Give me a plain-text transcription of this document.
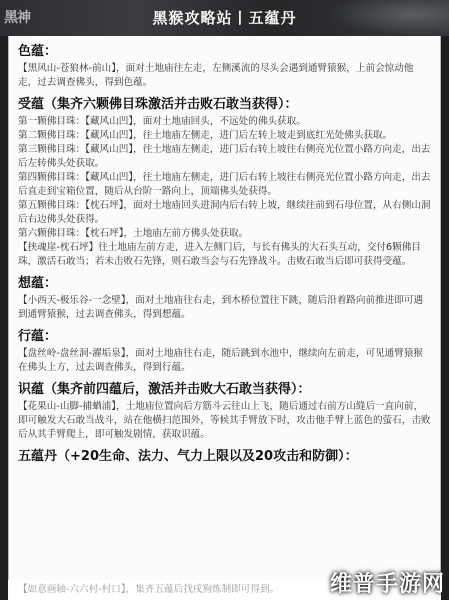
黑神	黑猴攻略站丨五蕴丹
色蕴：
【黑风山-苍狼林-前山】，面对土地庙往左走，左侧溪流的尽头会遇到通臂猿猴，上前会惊动他走，过去调查佛头，得到色蕴。
受蕴（集齐六颗佛目珠激活并击败石敢当获得）：
第一颗佛目珠：【藏风山凹】，面对土地庙回头，不远处的佛头获取。
第二颗佛目珠：【藏风山凹】，往土地庙左侧走，进门后左转上坡走到底红光处佛头获取。
第三颗佛目珠：【藏风山凹】，往土地庙左侧走，进门后右转上坡往右侧亮光位置小路方向走，出去后左转佛头处获取。
第四颗佛目珠：【藏风山凹】，往土地庙左侧走，进门后右转上坡往右侧亮光位置小路方向走，出去后直走到宝箱位置，随后从台阶一路向上，顶端佛头处获得。
第五颗佛目珠：【枕石坪】，面对土地庙回头进洞内后右转上坡，继续往前到石母位置，从右侧山洞后右边佛头处获得。
第六颗佛目珠：【枕石坪】，土地庙左前方佛头处获取。
【挟魂崖-枕石坪】往土地庙左前方走，进入左侧门后，与长有佛头的大石头互动，交付6颗佛目珠，激活石敢当；若未击败石先锋，则石敢当会与石先锋战斗。击败石敢当后即可获得受蕴。
想蕴：
【小西天-极乐谷-一念壁】，面对土地庙往右走，到木桥位置往下跳，随后沿着路向前推进即可遇到通臂猿猴，过去调查佛头，得到想蕴。
行蕴：
【盘丝岭-盘丝洞-濯垢泉】，面对土地庙往右走，随后跳到水池中，继续向左前走，可见通臂猿猴在佛头上方，过去调查佛头，得到行蕴。
识蕴（集齐前四蕴后，激活并击败大石敢当获得）：
【花果山-山脚-捕蝤浦】，土地庙位置向后方筋斗云往山上飞，随后通过右前方山缝后一直向前，即可触发大石敢当战斗，站在他横扫范围外，等候其手臂放下时，攻击他手臂上蓝色的萤石，击败后从其手臂爬上，即可触发剧情，获取识蕴。
五蕴丹（+20生命、法力、气力上限以及20攻击和防御）：
【如意画轴-六六村-村口】，集齐五蕴后找戌狗炼制即可得到。	维普手游网
